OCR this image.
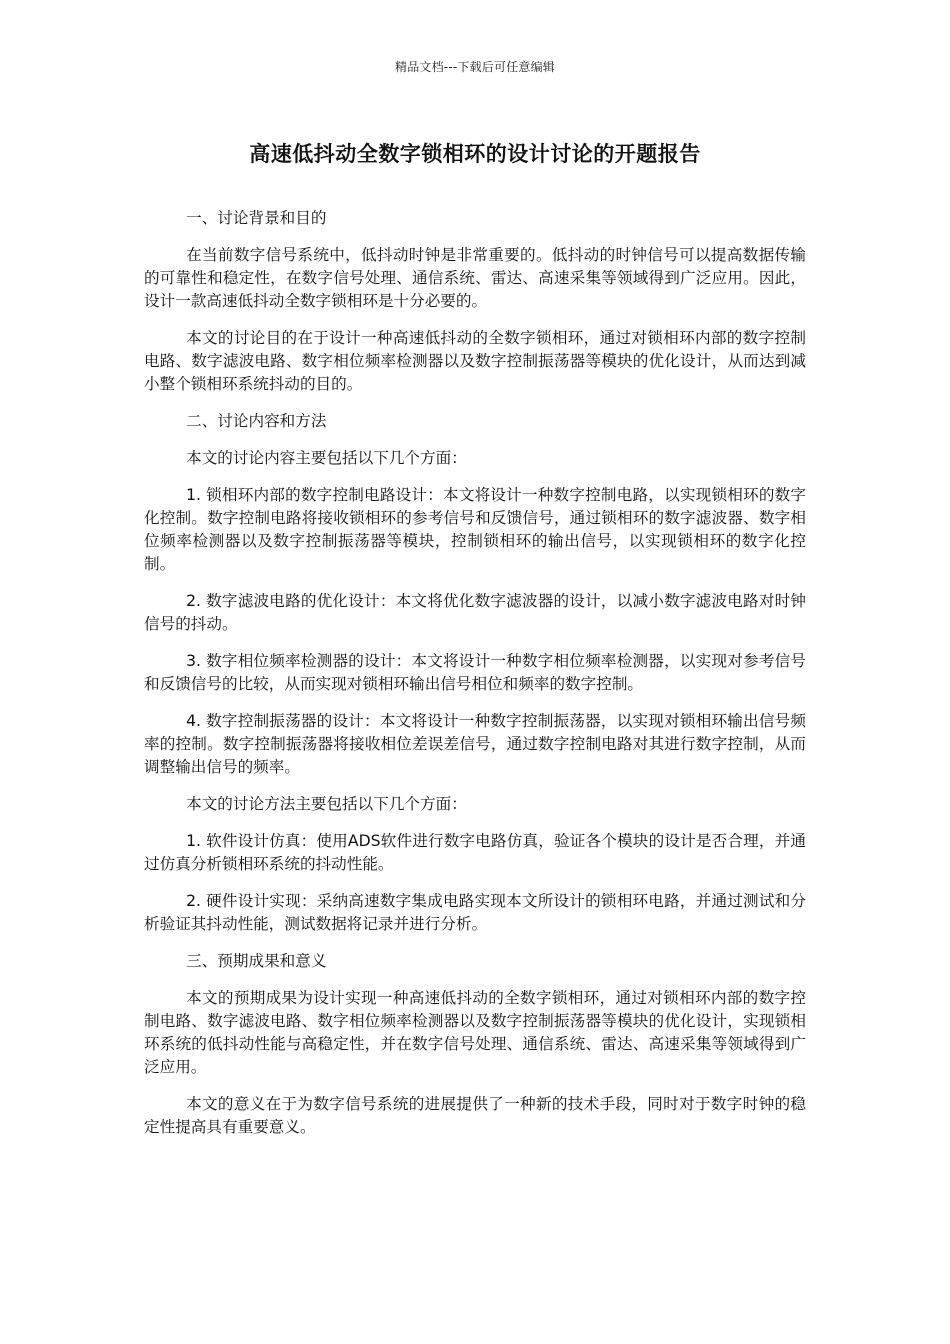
精品文档---下载后可任意编辑
高速低抖动全数字锁相环的设计讨论的开题报告

一、讨论背景和目的

在当前数字信号系统中，低抖动时钟是非常重要的。低抖动的时钟信号可以提高数据传输的可靠性和稳定性，在数字信号处理、通信系统、雷达、高速采集等领域得到广泛应用。因此，设计一款高速低抖动全数字锁相环是十分必要的。

本文的讨论目的在于设计一种高速低抖动的全数字锁相环，通过对锁相环内部的数字控制电路、数字滤波电路、数字相位频率检测器以及数字控制振荡器等模块的优化设计，从而达到减小整个锁相环系统抖动的目的。

二、讨论内容和方法

本文的讨论内容主要包括以下几个方面：

1. 锁相环内部的数字控制电路设计：本文将设计一种数字控制电路，以实现锁相环的数字化控制。数字控制电路将接收锁相环的参考信号和反馈信号，通过锁相环的数字滤波器、数字相位频率检测器以及数字控制振荡器等模块，控制锁相环的输出信号，以实现锁相环的数字化控制。

2. 数字滤波电路的优化设计：本文将优化数字滤波器的设计，以减小数字滤波电路对时钟信号的抖动。

3. 数字相位频率检测器的设计：本文将设计一种数字相位频率检测器，以实现对参考信号和反馈信号的比较，从而实现对锁相环输出信号相位和频率的数字控制。

4. 数字控制振荡器的设计：本文将设计一种数字控制振荡器，以实现对锁相环输出信号频率的控制。数字控制振荡器将接收相位差误差信号，通过数字控制电路对其进行数字控制，从而调整输出信号的频率。

本文的讨论方法主要包括以下几个方面：

1. 软件设计仿真：使用ADS软件进行数字电路仿真，验证各个模块的设计是否合理，并通过仿真分析锁相环系统的抖动性能。

2. 硬件设计实现：采纳高速数字集成电路实现本文所设计的锁相环电路，并通过测试和分析验证其抖动性能，测试数据将记录并进行分析。

三、预期成果和意义

本文的预期成果为设计实现一种高速低抖动的全数字锁相环，通过对锁相环内部的数字控制电路、数字滤波电路、数字相位频率检测器以及数字控制振荡器等模块的优化设计，实现锁相环系统的低抖动性能与高稳定性，并在数字信号处理、通信系统、雷达、高速采集等领域得到广泛应用。

本文的意义在于为数字信号系统的进展提供了一种新的技术手段，同时对于数字时钟的稳定性提高具有重要意义。
